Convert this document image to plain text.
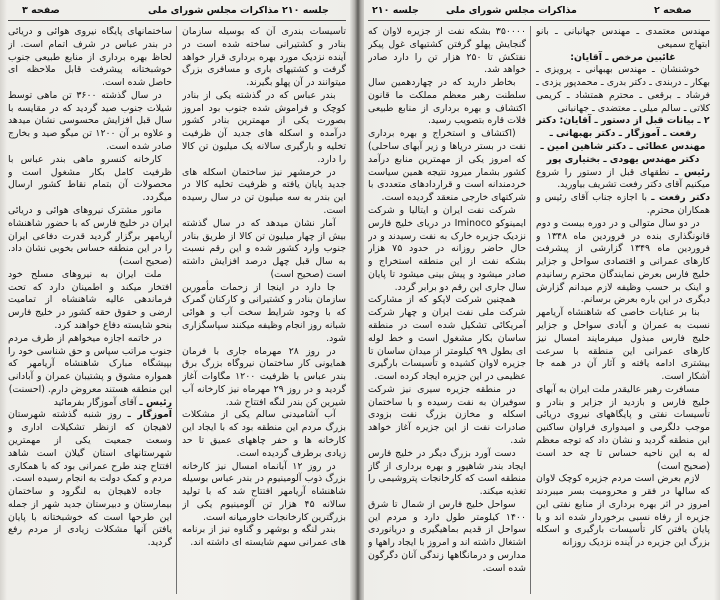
صفحه ۳	مذاکرات مجلس شورای ملی جلسه ۲۱۰

تأسیسات بندری آن که بوسیله سازمان بنادر و کشتیرانی ساخته شده است در آینده نزدیک مورد بهره برداری قرار خواهد گرفت و کشتیهای باری و مسافری بزرگ میتوانند در آن پهلو بگیرند.

بندر عباس که در گذشته یکی از بنادر کوچک و فراموش شده جنوب بود امروز بصورت یکی از مهمترین بنادر کشور درآمده و اسکله های جدید آن ظرفیت تخلیه و بارگیری سالانه یک میلیون تن کالا را دارد.

در خرمشهر نیز ساختمان اسکله های جدید پایان یافته و ظرفیت تخلیه کالا در این بندر به سه میلیون تن در سال رسیده است.

آمار نشان میدهد که در سال گذشته بیش از چهار میلیون تن کالا از طریق بنادر جنوب وارد کشور شده و این رقم نسبت به سال قبل چهل درصد افزایش داشته است (صحیح است)

جا دارد در اینجا از زحمات مأمورین سازمان بنادر و کشتیرانی و کارکنان گمرک که با وجود شرایط سخت آب و هوائی شبانه روز انجام وظیفه میکنند سپاسگزاری شود.

در روز ۲۸ مهرماه جاری با فرمان همایونی کار ساختمان نیروگاه بزرگ برق بندر عباس با ظرفیت ۱۲۰۰ مگاوات آغاز گردید و در روز ۲۹ مهرماه نیز کارخانه آب شیرین کن بندر لنگه افتتاح شد.

آب آشامیدنی سالم یکی از مشکلات بزرگ مردم این منطقه بود که با ایجاد این کارخانه ها و حفر چاههای عمیق تا حد زیادی برطرف گردیده است.

در روز ۱۲ آبانماه امسال نیز کارخانه بزرگ ذوب آلومینیوم در بندر عباس بوسیله شاهنشاه آریامهر افتتاح شد که با تولید سالانه ۴۵ هزار تن آلومینیوم یکی از بزرگترین کارخانجات خاورمیانه است.

بندر لنگه و بوشهر و گناوه نیز از برنامه های عمرانی سهم شایسته ای داشته اند.

ساختمانهای پایگاه نیروی هوائی و دریائی در بندر عباس در شرف اتمام است. از لحاظ بهره برداری از منابع طبیعی جنوب خوشبختانه پیشرفت قابل ملاحظه ای حاصل شده است.

در سال گذشته ۳۶۰۰ تن ماهی توسط شیلات جنوب صید گردید که در مقایسه با سال قبل افزایش محسوسی نشان میدهد و علاوه بر آن ۱۲۰۰ تن میگو صید و بخارج صادر شده است.

کارخانه کنسرو ماهی بندر عباس با ظرفیت کامل بکار مشغول است و محصولات آن بتمام نقاط کشور ارسال میگردد.

مانور مشترک نیروهای هوائی و دریائی ایران در خلیج فارس که با حضور شاهنشاه آریامهر برگزار گردید قدرت دفاعی ایران را در این منطقه حساس بخوبی نشان داد. (صحیح است)

ملت ایران به نیروهای مسلح خود افتخار میکند و اطمینان دارد که تحت فرماندهی عالیه شاهنشاه از تمامیت ارضی و حقوق حقه کشور در خلیج فارس بنحو شایسته دفاع خواهند کرد.

در خاتمه اجازه میخواهم از طرف مردم جنوب مراتب سپاس و حق شناسی خود را بپیشگاه مبارک شاهنشاه آریامهر که همواره مشوق و پشتیبان عمران و آبادانی این منطقه هستند معروض دارم. (احسنت)

رئیس ـ آقای آموزگار بفرمائید

آموزگار ـ روز شنبه گذشته شهرستان لاهیجان که ازنظر تشکیلات اداری و وسعت جمعیت یکی از مهمترین شهرستانهای استان گیلان است شاهد افتتاح چند طرح عمرانی بود که با همکاری مردم و کمک دولت به انجام رسیده است.

جاده لاهیجان به لنگرود و ساختمان بیمارستان و دبیرستان جدید شهر از جمله این طرحها است که خوشبختانه با پایان یافتن آنها مشکلات زیادی از مردم رفع گردید.

جلسه ۲۱۰	مذاکرات مجلس شورای ملی	صفحه ۲

مهندس معتمدی ـ مهندس جهانبانی ـ بانو ابتهاج سمیعی

غائبین مرخص ـ آقایان:

خوشنشان ـ مهندس بهبهانی ـ پرویزی ـ بهکار ـ دربندی ـ دکتر بدری ـ محمدپور یزدی ـ فرشاد ـ برقعی ـ محترم همتشاد ـ کریمی کلاتی ـ سالم میلی ـ معتضدی ـ جهانبانی

۲ ـ بیانات قبل از دستور ـ آقایان: دکتر رفعت ـ آموزگار ـ دکتر بهبهانی ـ مهندس عطائی ـ دکتر شاهین امین ـ دکتر مهندس یهودی ـ بختیاری پور

رئیس ـ نطقهای قبل از دستور را شروع میکنیم آقای دکتر رفعت تشریف بیاورید.

دکتر رفعت ـ با اجازه جناب آقای رئیس و همکاران محترم.

در دو سال متوالی و در دوره بیست و دوم قانونگذاری بنده در فروردین ماه ۱۳۴۸ و فروردین ماه ۱۳۴۹ گزارشی از پیشرفت کارهای عمرانی و اقتصادی سواحل و جزایر خلیج فارس بعرض نمایندگان محترم رسانیدم و اینک بر حسب وظیفه لازم میدانم گزارش دیگری در این باره بعرض برسانم.

بنا بر عنایات خاصی که شاهنشاه آریامهر نسبت به عمران و آبادی سواحل و جزایر خلیج فارس مبذول میفرمایند امسال نیز کارهای عمرانی این منطقه با سرعت بیشتری ادامه یافته و آثار آن در همه جا آشکار است.

مسافرت رهبر عالیقدر ملت ایران به آبهای خلیج فارس و بازدید از جزایر و بنادر و تأسیسات نفتی و پایگاههای نیروی دریائی موجب دلگرمی و امیدواری فراوان ساکنین این منطقه گردید و نشان داد که توجه معظم له به این ناحیه حساس تا چه حد است (صحیح است)

لازم بعرض است مردم جزیره کوچک لاوان که سالها در فقر و محرومیت بسر میبردند امروز در اثر بهره برداری از منابع نفتی این جزیره از رفاه نسبی برخوردار شده اند و با پایان یافتن کار تأسیسات بارگیری و اسکله بزرگ این جزیره در آینده نزدیک روزانه

۳۵۰۰۰۰ بشکه نفت از جزیره لاوان که گنجایش پهلو گرفتن کشتیهای غول پیکر نفتکش تا ۲۵۰ هزار تن را دارد صادر خواهد شد.

بخاطر دارید که در چهاردهمین سال سلطنت رهبر معظم مملکت ما قانون اکتشاف و بهره برداری از منابع طبیعی فلات قاره بتصویب رسید.

(اکتشاف و استخراج و بهره برداری نفت در بستر دریاها و زیر آبهای ساحلی) که امروز یکی از مهمترین منابع درآمد کشور بشمار میرود نتیجه همین سیاست خردمندانه است و قراردادهای متعددی با شرکتهای خارجی منعقد گردیده است.

شرکت نفت ایران و ایتالیا و شرکت ایمینوکو Iminoco در دریای خلیج فارس نزدیک جزیره خارک به نفت رسیدند و در حال حاضر روزانه در حدود ۷۵ هزار بشکه نفت از این منطقه استخراج و صادر میشود و پیش بینی میشود تا پایان سال جاری این رقم دو برابر گردد.

همچنین شرکت لاپکو که از مشارکت شرکت ملی نفت ایران و چهار شرکت آمریکائی تشکیل شده است در منطقه ساسان بکار مشغول است و خط لوله ای بطول ۹۹ کیلومتر از میدان ساسان تا جزیره لاوان کشیده و تأسیسات بارگیری عظیمی در این جزیره ایجاد کرده است.

در منطقه جزیره سیری نیز شرکت سوفیران به نفت رسیده و با ساختمان اسکله و مخازن بزرگ نفت بزودی صادرات نفت از این جزیره آغاز خواهد شد.

دست آورد بزرگ دیگر در خلیج فارس ایجاد بندر شاهپور و بهره برداری از گاز منطقه است که کارخانجات پتروشیمی را تغذیه میکند.

سواحل خلیج فارس از شمال تا شرق ۱۴۰۰ کیلومتر طول دارد و مردم این سواحل از قدیم بماهیگیری و دریانوردی اشتغال داشته اند و امروز با ایجاد راهها و مدارس و درمانگاهها زندگی آنان دگرگون شده است.
